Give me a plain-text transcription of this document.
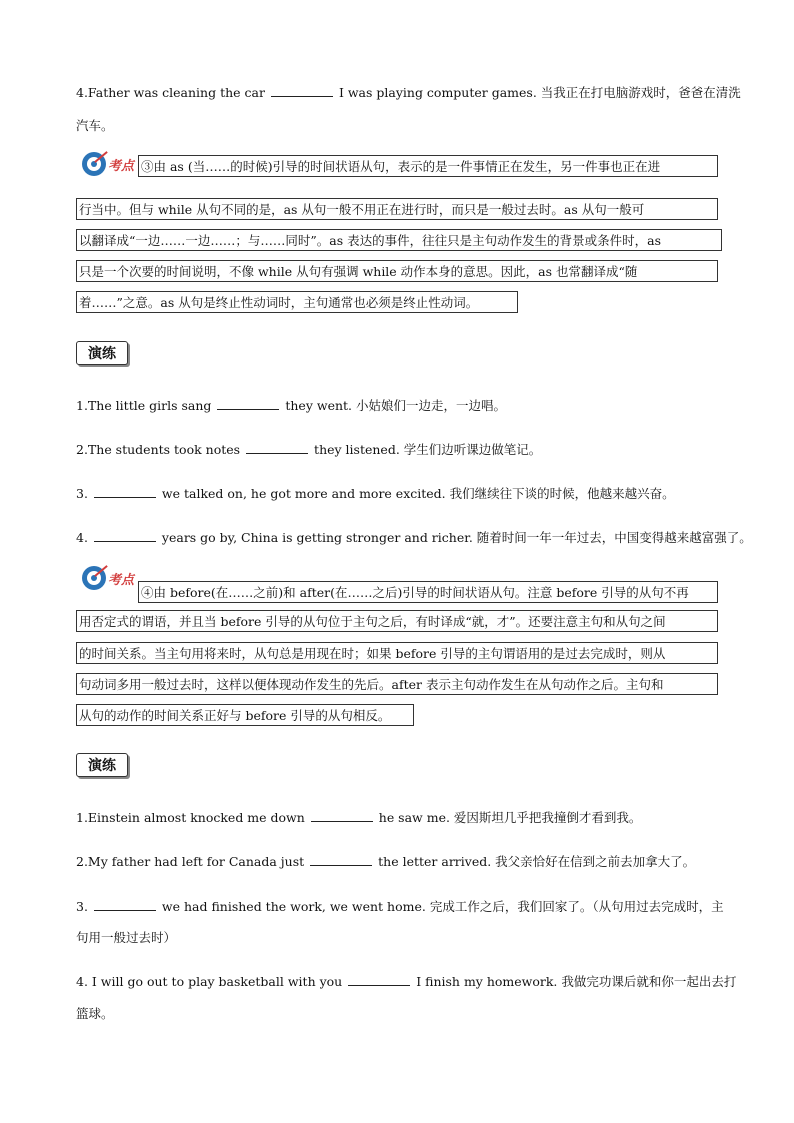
4.Father was cleaning the car	I was playing computer games. 当我正在打电脑游戏时，爸爸在清洗
汽车。
考点 ③由 as (当……的时候)引导的时间状语从句，表示的是一件事情正在发生，另一件事也正在进
行当中。但与 while 从句不同的是，as 从句一般不用正在进行时，而只是一般过去时。as 从句一般可
以翻译成“一边……一边……；与……同时”。as 表达的事件，往往只是主句动作发生的背景或条件时，as
只是一个次要的时间说明，不像 while 从句有强调 while 动作本身的意思。因此，as 也常翻译成“随
着……”之意。as 从句是终止性动词时，主句通常也必须是终止性动词。
演练
1.The little girls sang	they went. 小姑娘们一边走，一边唱。
2.The students took notes	they listened. 学生们边听课边做笔记。
3.	we talked on, he got more and more excited. 我们继续往下谈的时候，他越来越兴奋。
4.	years go by, China is getting stronger and richer. 随着时间一年一年过去，中国变得越来越富强了。
考点
④由 before(在……之前)和 after(在……之后)引导的时间状语从句。注意 before 引导的从句不再
用否定式的谓语，并且当 before 引导的从句位于主句之后，有时译成“就，才”。还要注意主句和从句之间
的时间关系。当主句用将来时，从句总是用现在时；如果 before 引导的主句谓语用的是过去完成时，则从
句动词多用一般过去时，这样以便体现动作发生的先后。after 表示主句动作发生在从句动作之后。主句和
从句的动作的时间关系正好与 before 引导的从句相反。
演练
1.Einstein almost knocked me down	he saw me. 爱因斯坦几乎把我撞倒才看到我。
2.My father had left for Canada just	the letter arrived. 我父亲恰好在信到之前去加拿大了。
3.	we had finished the work, we went home. 完成工作之后，我们回家了。（从句用过去完成时，主
句用一般过去时）
4. I will go out to play basketball with you	I finish my homework. 我做完功课后就和你一起出去打
篮球。
